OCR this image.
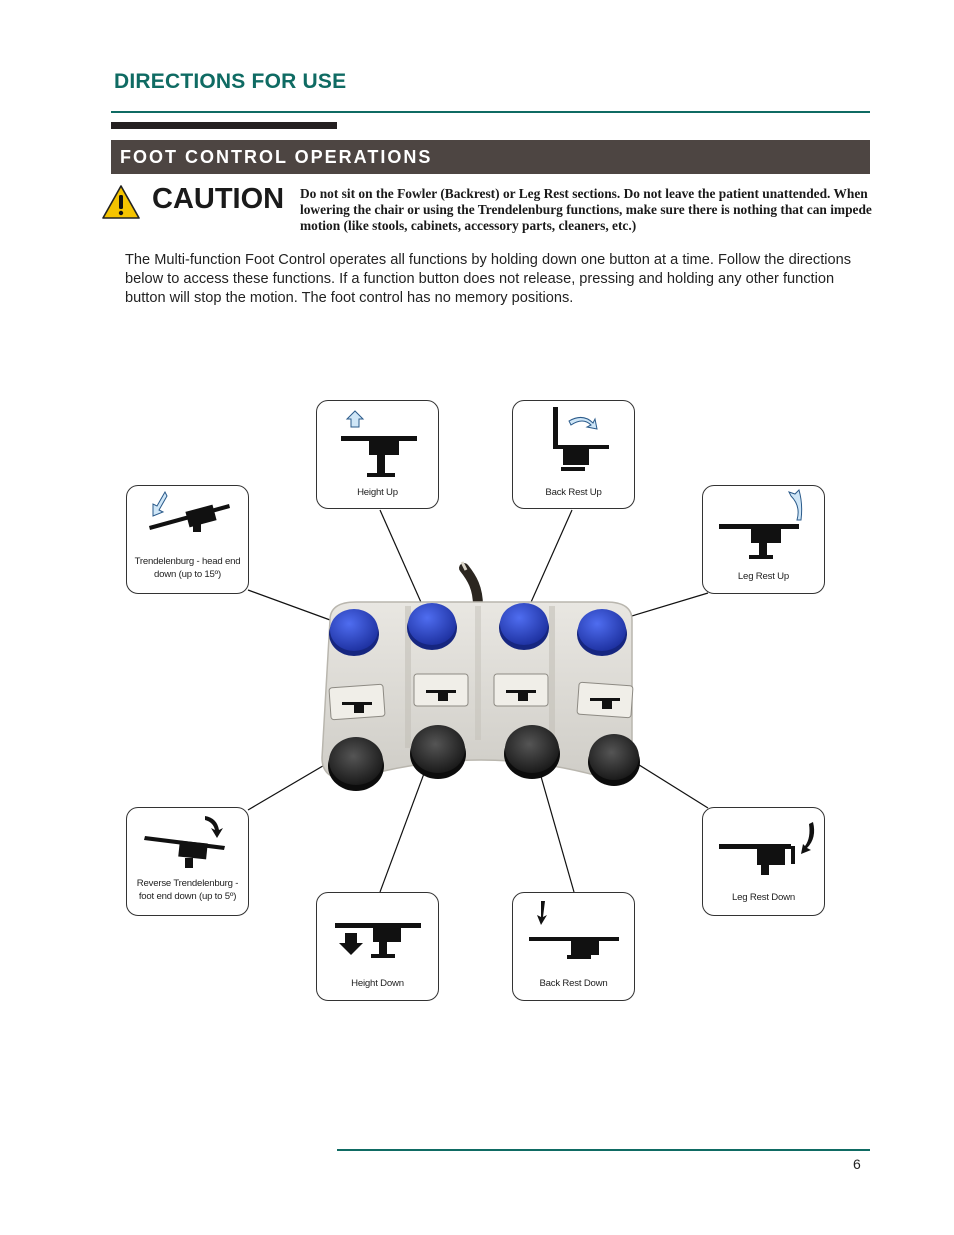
DIRECTIONS FOR USE
FOOT CONTROL OPERATIONS
CAUTION Do not sit on the Fowler (Backrest) or Leg Rest sections. Do not leave the patient unattended. When lowering the chair or using the Trendelenburg functions, make sure there is nothing that can impede motion (like stools, cabinets, accessory parts, cleaners, etc.)
The Multi-function Foot Control operates all functions by holding down one button at a time. Follow the directions below to access these functions. If a function button does not release, pressing and holding any other function button will stop the motion. The foot control has no memory positions.
Height Up	Back Rest Up
Trendelenburg - head end down (up to 15º)	Leg Rest Up
Reverse Trendelenburg - foot end down (up to 5º)	Leg Rest Down
Height Down	Back Rest Down
6
